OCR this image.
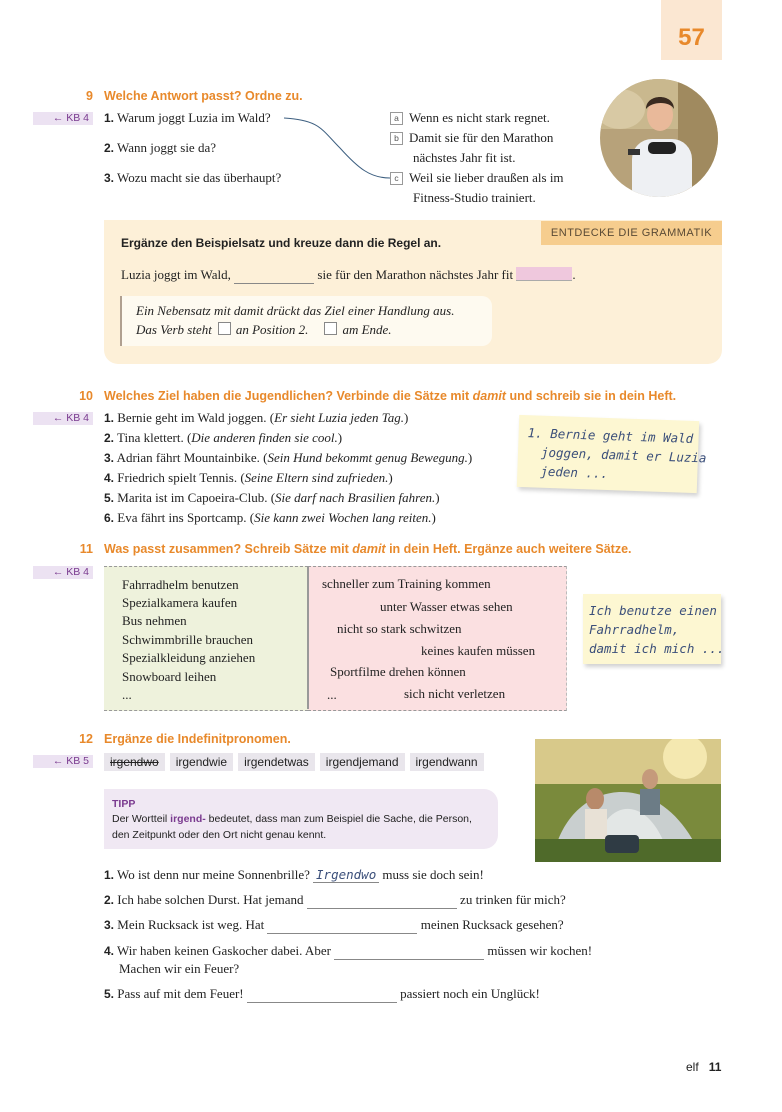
57
9 Welche Antwort passt? Ordne zu.
← KB 4	1. Warum joggt Luzia im Wald?
2. Wann joggt sie da?
3. Wozu macht sie das überhaupt?
a Wenn es nicht stark regnet.
b Damit sie für den Marathon
nächstes Jahr fit ist.
c Weil sie lieber draußen als im
Fitness-Studio trainiert.
ENTDECKE DIE GRAMMATIK
Ergänze den Beispielsatz und kreuze dann die Regel an.
Luzia joggt im Wald,	sie für den Marathon nächstes Jahr fit	.
Ein Nebensatz mit damit drückt das Ziel einer Handlung aus.
Das Verb steht an Position 2.	am Ende.
10 Welches Ziel haben die Jugendlichen? Verbinde die Sätze mit damit und schreib sie in dein Heft.
← KB 4	1. Bernie geht im Wald joggen. (Er sieht Luzia jeden Tag.)
2. Tina klettert. (Die anderen finden sie cool.)
3. Adrian fährt Mountainbike. (Sein Hund bekommt genug Bewegung.)
4. Friedrich spielt Tennis. (Seine Eltern sind zufrieden.)
5. Marita ist im Capoeira-Club. (Sie darf nach Brasilien fahren.)
6. Eva fährt ins Sportcamp. (Sie kann zwei Wochen lang reiten.)
1. Bernie geht im Wald
joggen, damit er Luzia
jeden ...
11 Was passt zusammen? Schreib Sätze mit damit in dein Heft. Ergänze auch weitere Sätze.
← KB 4
Fahrradhelm benutzen
Spezialkamera kaufen
Bus nehmen
Schwimmbrille brauchen
Spezialkleidung anziehen
Snowboard leihen
...
schneller zum Training kommen
unter Wasser etwas sehen
nicht so stark schwitzen
keines kaufen müssen
Sportfilme drehen können
...	sich nicht verletzen
Ich benutze einen
Fahrradhelm,
damit ich mich ...
12 Ergänze die Indefinitpronomen.
← KB 5	irgendwo irgendwie irgendetwas irgendjemand irgendwann
TIPP
Der Wortteil irgend- bedeutet, dass man zum Beispiel die Sache, die Person,
den Zeitpunkt oder den Ort nicht genau kennt.
1. Wo ist denn nur meine Sonnenbrille? Irgendwo muss sie doch sein!
2. Ich habe solchen Durst. Hat jemand	zu trinken für mich?
3. Mein Rucksack ist weg. Hat	meinen Rucksack gesehen?
4. Wir haben keinen Gaskocher dabei. Aber	müssen wir kochen!
Machen wir ein Feuer?
5. Pass auf mit dem Feuer!	passiert noch ein Unglück!
elf 11
